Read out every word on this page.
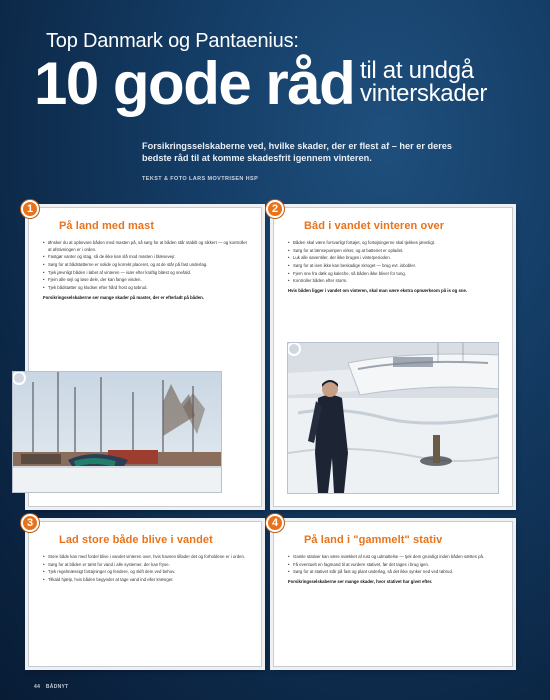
Top Danmark og Pantaenius:
10 gode råd til at undgå
vinterskader
Forsikringsselskaberne ved, hvilke skader, der er flest af – her er deres bedste råd til at komme skadesfrit igennem vinteren.
TEKST & FOTO LARS MOVTRISEN HSP
1
På land med mast
• Ønsker du at opbevare båden med masten på, så sørg for at båden står stabilt og sikkert — og kontroller at afstivningen er i orden.
• Fastgør vanter og stag, så de ikke kan slå mod masten i blæsevejr.
• Sørg for at bådstøtterne er solide og korrekt placeret, og at de står på fast underlag.
• Tjek jævnligt båden i løbet af vinteren — især efter kraftig blæst og snefald.
• Fjern alle sejl og løse dele, der kan fange vinden.
• Tjek bådstøtter og klodser efter hård frost og tøbrud.
Forsikringsselskaberne ser mange skader på master, der er efterladt på båden.
2
Bâd i vandet vinteren over
• Båden skal være forsvarligt fortøjet, og fortøjningerne skal tjekkes jævnligt.
• Sørg for at lænsepumpen virker, og at batteriet er opladet.
• Luk alle søventiler, der ikke bruges i vinterperioden.
• Sørg for at isen ikke kan beskadige skroget — brug evt. isbobler.
• Fjern sne fra dæk og kaleche, så båden ikke bliver for tung.
• Kontroller båden efter storm.
Hvis båden ligger i vandet om vinteren, skal man være ekstra opmærksom på is og sne.
3
Lad store både blive i vandet
• Store både kan med fordel blive i vandet vinteren over, hvis havnen tillader det og forholdene er i orden.
• Sørg for at båden er tømt for vand i alle systemer, der kan fryse.
• Tjek regelmæssigt fortøjninger og fendere, og skift dem ved behov.
• Tilkald hjælp, hvis båden begynder at tage vand ind eller krænger.
4
På land i "gammelt" stativ
• Gamle stativer kan være svækket af rust og udmattelse — tjek dem grundigt inden båden sættes på.
• Få eventuelt en fagmand til at vurdere stativet, før det tages i brug igen.
• Sørg for at stativet står på fast og plant underlag, så det ikke synker ned ved tøbrud.
Forsikringsselskaberne ser mange skader, hvor stativet har givet efter.
44 BÅDNYT
